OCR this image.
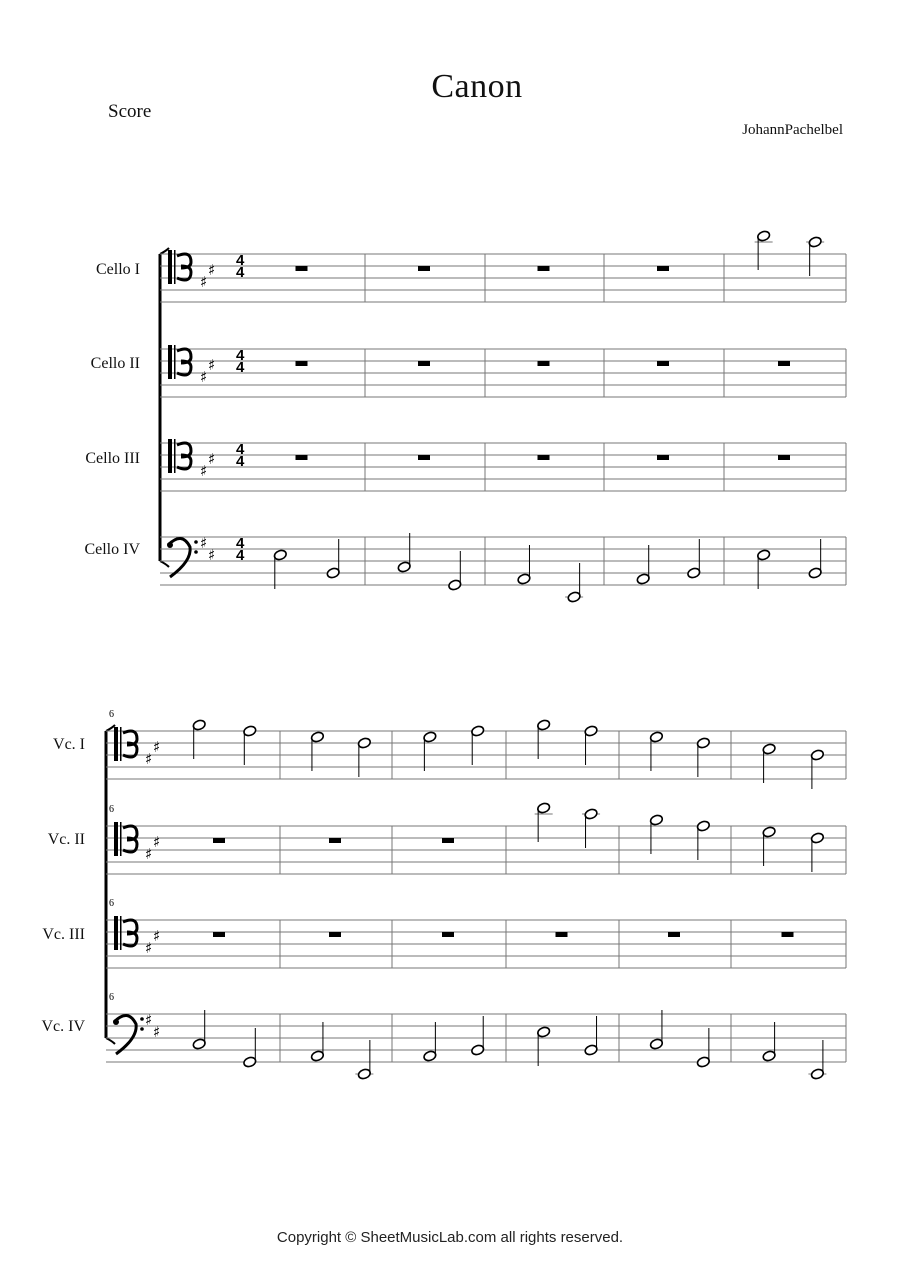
Canon
Score
JohannPachelbel
Cello I
Cello II
Cello III
Cello IV
Vc. I
Vc. II
Vc. III
Vc. IV
♯
♯
4
4
♯
♯
4
4
♯
♯
4
4
♯
♯
4
4
6
♯
♯
6
♯
♯
6
♯
♯
6
♯
♯
Copyright © SheetMusicLab.com all rights reserved.
